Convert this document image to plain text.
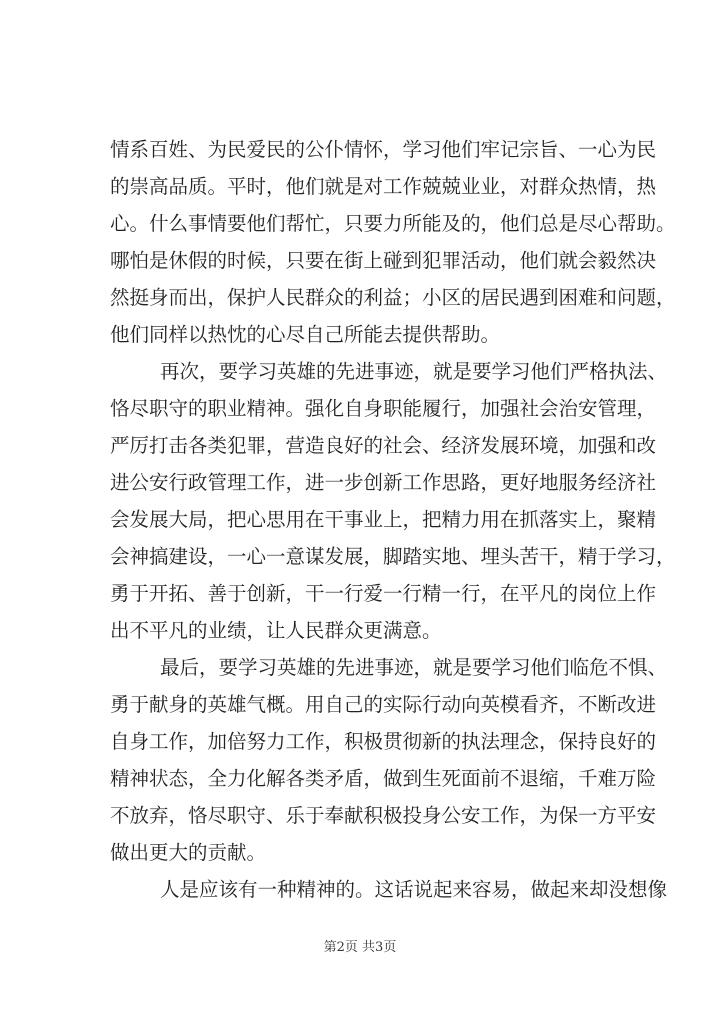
情系百姓、为民爱民的公仆情怀，学习他们牢记宗旨、一心为民
的崇高品质。平时，他们就是对工作兢兢业业，对群众热情，热
心。什么事情要他们帮忙，只要力所能及的，他们总是尽心帮助。
哪怕是休假的时候，只要在街上碰到犯罪活动，他们就会毅然决
然挺身而出，保护人民群众的利益；小区的居民遇到困难和问题，
他们同样以热忱的心尽自己所能去提供帮助。
再次，要学习英雄的先进事迹，就是要学习他们严格执法、
恪尽职守的职业精神。强化自身职能履行，加强社会治安管理，
严厉打击各类犯罪，营造良好的社会、经济发展环境，加强和改
进公安行政管理工作，进一步创新工作思路，更好地服务经济社
会发展大局，把心思用在干事业上，把精力用在抓落实上，聚精
会神搞建设，一心一意谋发展，脚踏实地、埋头苦干，精于学习，
勇于开拓、善于创新，干一行爱一行精一行，在平凡的岗位上作
出不平凡的业绩，让人民群众更满意。
最后，要学习英雄的先进事迹，就是要学习他们临危不惧、
勇于献身的英雄气概。用自己的实际行动向英模看齐，不断改进
自身工作，加倍努力工作，积极贯彻新的执法理念，保持良好的
精神状态，全力化解各类矛盾，做到生死面前不退缩，千难万险
不放弃，恪尽职守、乐于奉献积极投身公安工作，为保一方平安
做出更大的贡献。
人是应该有一种精神的。这话说起来容易，做起来却没想像
第2页 共3页
